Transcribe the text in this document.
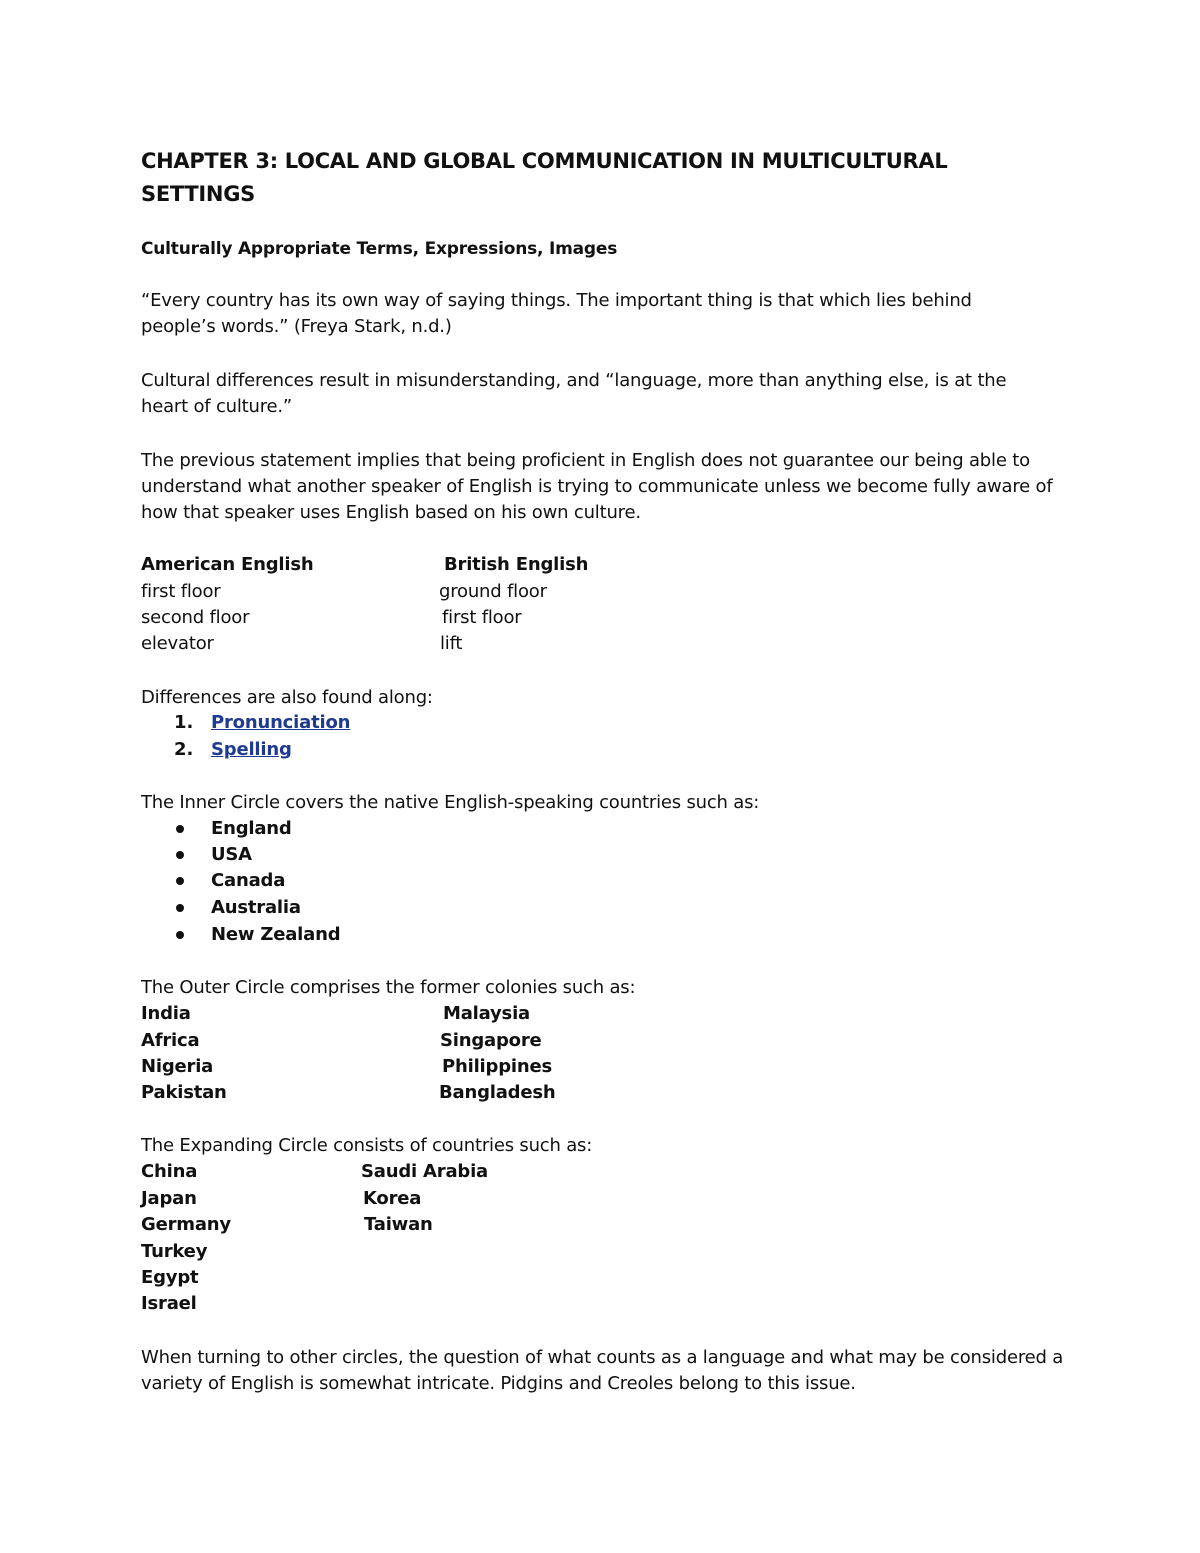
CHAPTER 3: LOCAL AND GLOBAL COMMUNICATION IN MULTICULTURAL

SETTINGS

Culturally Appropriate Terms, Expressions, Images

“Every country has its own way of saying things. The important thing is that which lies behind

people’s words.” (Freya Stark, n.d.)

Cultural differences result in misunderstanding, and “language, more than anything else, is at the

heart of culture.”

The previous statement implies that being proficient in English does not guarantee our being able to

understand what another speaker of English is trying to communicate unless we become fully aware of

how that speaker uses English based on his own culture.

American English	British English

first floor	ground floor

second floor	first floor

elevator	lift

Differences are also found along:

1. Pronunciation
2. Spelling

The Inner Circle covers the native English-speaking countries such as:

England

USA

Canada

Australia

New Zealand

The Outer Circle comprises the former colonies such as:

India	Malaysia

Africa	Singapore

Nigeria	Philippines

Pakistan	Bangladesh

The Expanding Circle consists of countries such as:

China	Saudi Arabia

Japan	Korea

Germany	Taiwan

Turkey

Egypt

Israel

When turning to other circles, the question of what counts as a language and what may be considered a

variety of English is somewhat intricate. Pidgins and Creoles belong to this issue.
